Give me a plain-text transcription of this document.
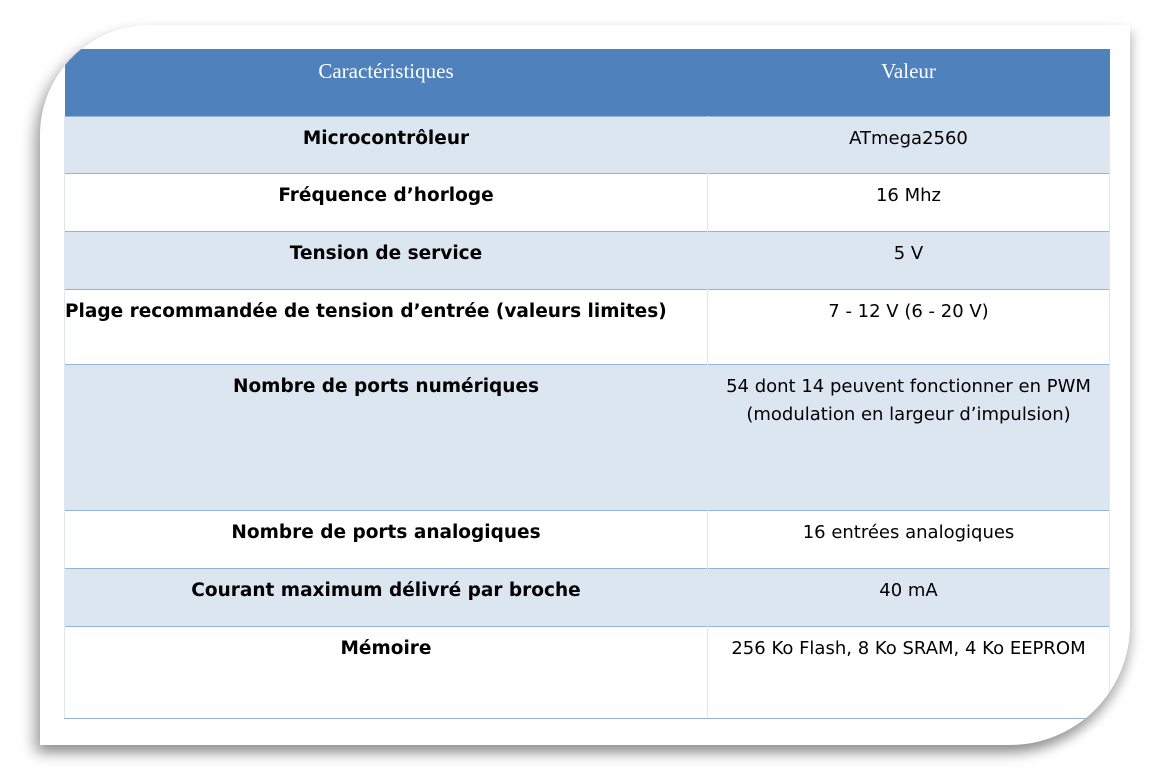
Caractéristiques	Valeur
Microcontrôleur	ATmega2560
Fréquence d’horloge	16 Mhz
Tension de service	5 V
Plage recommandée de tension d’entrée (valeurs limites)	7 - 12 V (6 - 20 V)
Nombre de ports numériques	54 dont 14 peuvent fonctionner en PWM (modulation en largeur d’impulsion)
Nombre de ports analogiques	16 entrées analogiques
Courant maximum délivré par broche	40 mA
Mémoire	256 Ko Flash, 8 Ko SRAM, 4 Ko EEPROM
